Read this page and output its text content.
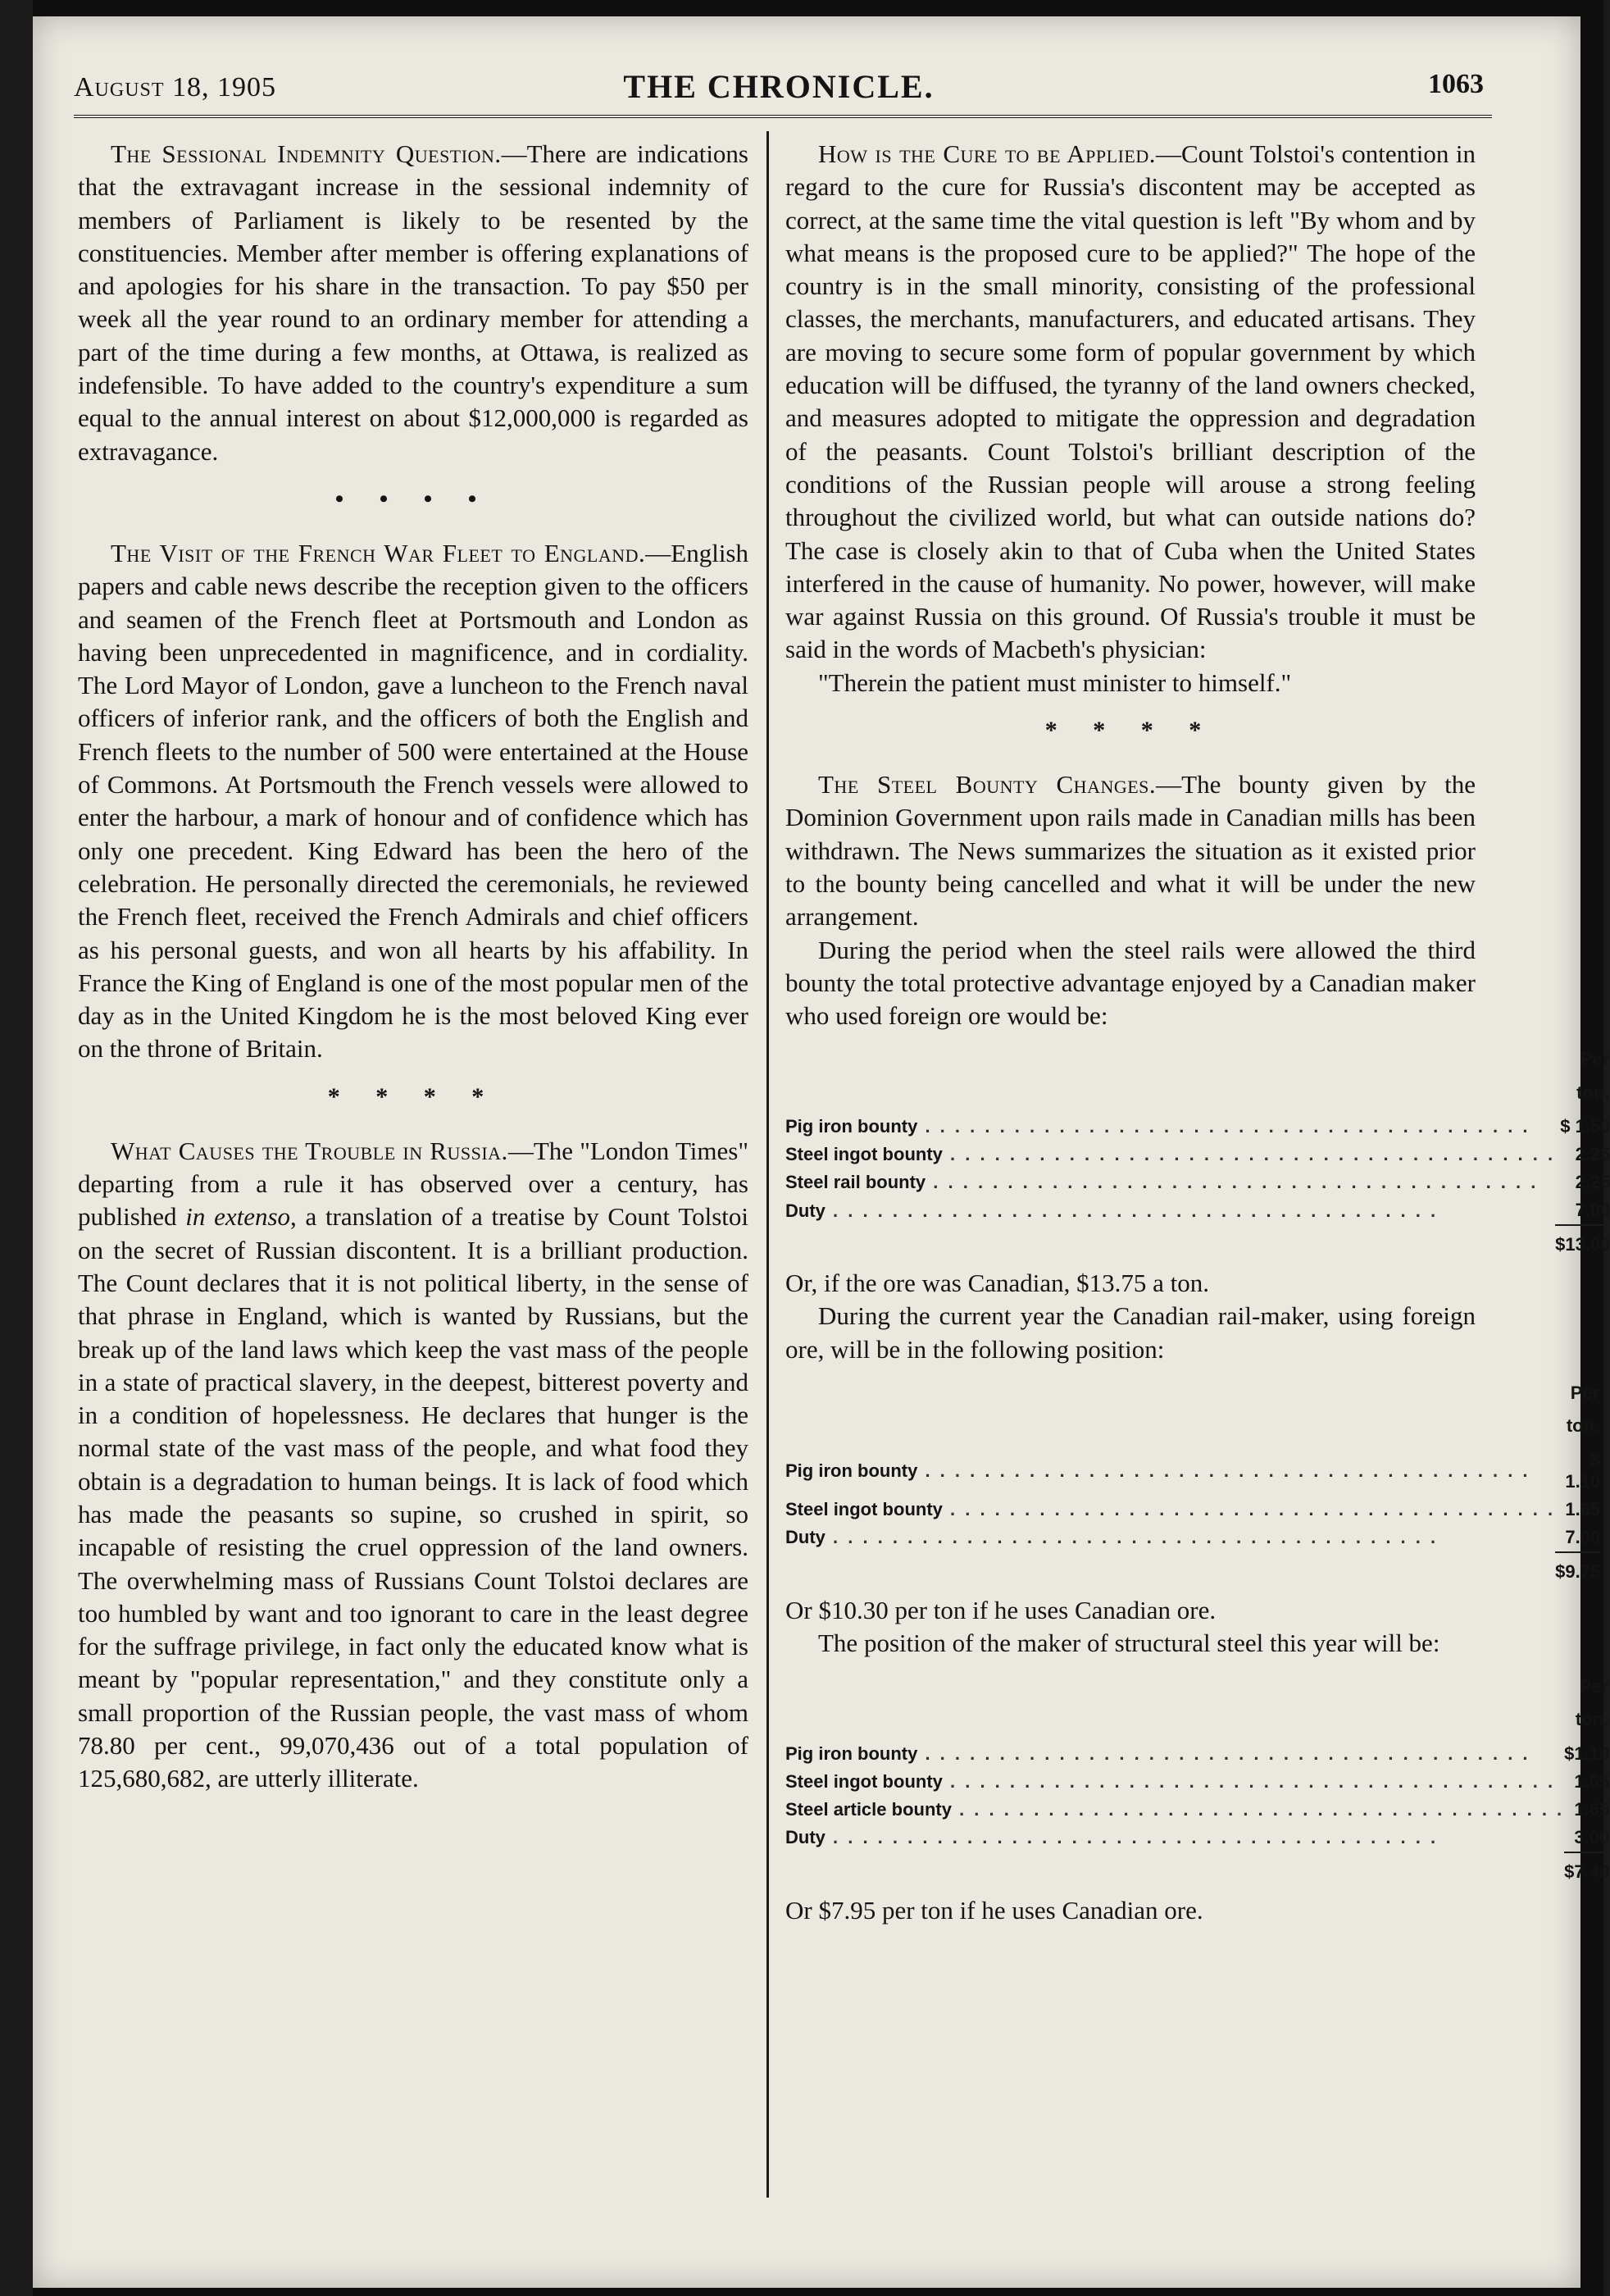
August 18, 1905	THE CHRONICLE.	1063

The Sessional Indemnity Question.—There are indications that the extravagant increase in the sessional indemnity of members of Parliament is likely to be resented by the constituencies. Member after member is offering explanations of and apologies for his share in the transaction. To pay $50 per week all the year round to an ordinary member for attending a part of the time during a few months, at Ottawa, is realized as indefensible. To have added to the country's expenditure a sum equal to the annual interest on about $12,000,000 is regarded as extravagance.

• • • •

The Visit of the French War Fleet to England.—English papers and cable news describe the reception given to the officers and seamen of the French fleet at Portsmouth and London as having been unprecedented in magnificence, and in cordiality. The Lord Mayor of London, gave a luncheon to the French naval officers of inferior rank, and the officers of both the English and French fleets to the number of 500 were entertained at the House of Commons. At Portsmouth the French vessels were allowed to enter the harbour, a mark of honour and of confidence which has only one precedent. King Edward has been the hero of the celebration. He personally directed the ceremonials, he reviewed the French fleet, received the French Admirals and chief officers as his personal guests, and won all hearts by his affability. In France the King of England is one of the most popular men of the day as in the United Kingdom he is the most beloved King ever on the throne of Britain.

* * * *

What Causes the Trouble in Russia.—The "London Times" departing from a rule it has observed over a century, has published in extenso, a translation of a treatise by Count Tolstoi on the secret of Russian discontent. It is a brilliant production. The Count declares that it is not political liberty, in the sense of that phrase in England, which is wanted by Russians, but the break up of the land laws which keep the vast mass of the people in a state of practical slavery, in the deepest, bitterest poverty and in a condition of hopelessness. He declares that hunger is the normal state of the vast mass of the people, and what food they obtain is a degradation to human beings. It is lack of food which has made the peasants so supine, so crushed in spirit, so incapable of resisting the cruel oppression of the land owners. The overwhelming mass of Russians Count Tolstoi declares are too humbled by want and too ignorant to care in the least degree for the suffrage privilege, in fact only the educated know what is meant by "popular representation," and they constitute only a small proportion of the Russian people, the vast mass of whom 78.80 per cent., 99,070,436 out of a total population of 125,680,682, are utterly illiterate.

How is the Cure to be Applied.—Count Tolstoi's contention in regard to the cure for Russia's discontent may be accepted as correct, at the same time the vital question is left "By whom and by what means is the proposed cure to be applied?" The hope of the country is in the small minority, consisting of the professional classes, the merchants, manufacturers, and educated artisans. They are moving to secure some form of popular government by which education will be diffused, the tyranny of the land owners checked, and measures adopted to mitigate the oppression and degradation of the peasants. Count Tolstoi's brilliant description of the conditions of the Russian people will arouse a strong feeling throughout the civilized world, but what can outside nations do? The case is closely akin to that of Cuba when the United States interfered in the cause of humanity. No power, however, will make war against Russia on this ground. Of Russia's trouble it must be said in the words of Macbeth's physician:

"Therein the patient must minister to himself."

* * * *

The Steel Bounty Changes.—The bounty given by the Dominion Government upon rails made in Canadian mills has been withdrawn. The News summarizes the situation as it existed prior to the bounty being cancelled and what it will be under the new arrangement.

During the period when the steel rails were allowed the third bounty the total protective advantage enjoyed by a Canadian maker who used foreign ore would be:

	Per ton.
Pig iron bounty . . . . . . . . . . . . . . . . . . . . . . . . . . . . . . . . . . . . . . . . .	$ 1.50
Steel ingot bounty . . . . . . . . . . . . . . . . . . . . . . . . . . . . . . . . . . . . . . . . .	2.25
Steel rail bounty . . . . . . . . . . . . . . . . . . . . . . . . . . . . . . . . . . . . . . . . .	2.25
Duty . . . . . . . . . . . . . . . . . . . . . . . . . . . . . . . . . . . . . . . . .	7.00
	$13.00

Or, if the ore was Canadian, $13.75 a ton.

During the current year the Canadian rail-maker, using foreign ore, will be in the following position:

	Per ton.
Pig iron bounty . . . . . . . . . . . . . . . . . . . . . . . . . . . . . . . . . . . . . . . . .	$ 1.10
Steel ingot bounty . . . . . . . . . . . . . . . . . . . . . . . . . . . . . . . . . . . . . . . . .	1.65
Duty . . . . . . . . . . . . . . . . . . . . . . . . . . . . . . . . . . . . . . . . .	7.00
	$9.75

Or $10.30 per ton if he uses Canadian ore.

The position of the maker of structural steel this year will be:

	Per ton.
Pig iron bounty . . . . . . . . . . . . . . . . . . . . . . . . . . . . . . . . . . . . . . . . .	$1.10
Steel ingot bounty . . . . . . . . . . . . . . . . . . . . . . . . . . . . . . . . . . . . . . . . .	1.65
Steel article bounty . . . . . . . . . . . . . . . . . . . . . . . . . . . . . . . . . . . . . . . . .	1.65
Duty . . . . . . . . . . . . . . . . . . . . . . . . . . . . . . . . . . . . . . . . .	3.00
	$7.40

Or $7.95 per ton if he uses Canadian ore.
